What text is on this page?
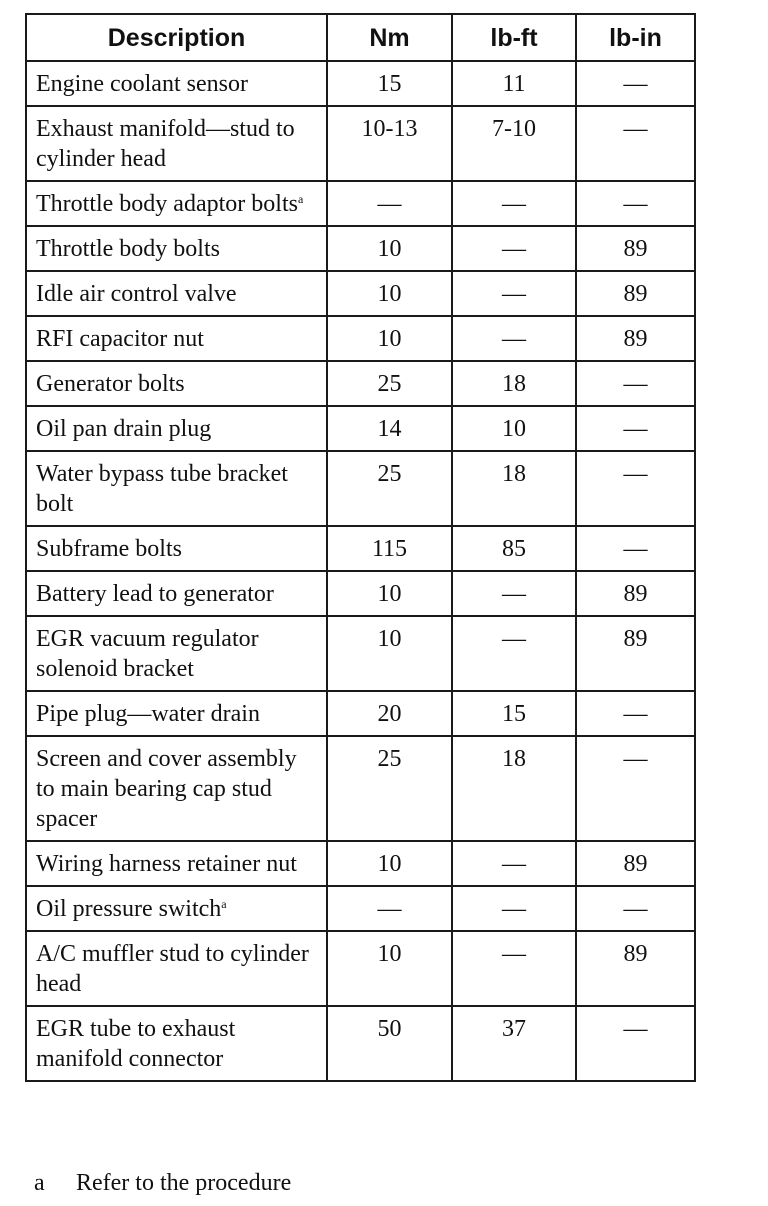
Description	Nm	lb-ft	lb-in
Engine coolant sensor	15	11	—
Exhaust manifold—stud to cylinder head	10-13	7-10	—
Throttle body adaptor bolts$^a$	—	—	—
Throttle body bolts	10	—	89
Idle air control valve	10	—	89
RFI capacitor nut	10	—	89
Generator bolts	25	18	—
Oil pan drain plug	14	10	—
Water bypass tube bracket bolt	25	18	—
Subframe bolts	115	85	—
Battery lead to generator	10	—	89
EGR vacuum regulator solenoid bracket	10	—	89
Pipe plug—water drain	20	15	—
Screen and cover assembly to main bearing cap stud spacer	25	18	—
Wiring harness retainer nut	10	—	89
Oil pressure switch$^a$	—	—	—
A/C muffler stud to cylinder head	10	—	89
EGR tube to exhaust manifold connector	50	37	—
a Refer to the procedure
